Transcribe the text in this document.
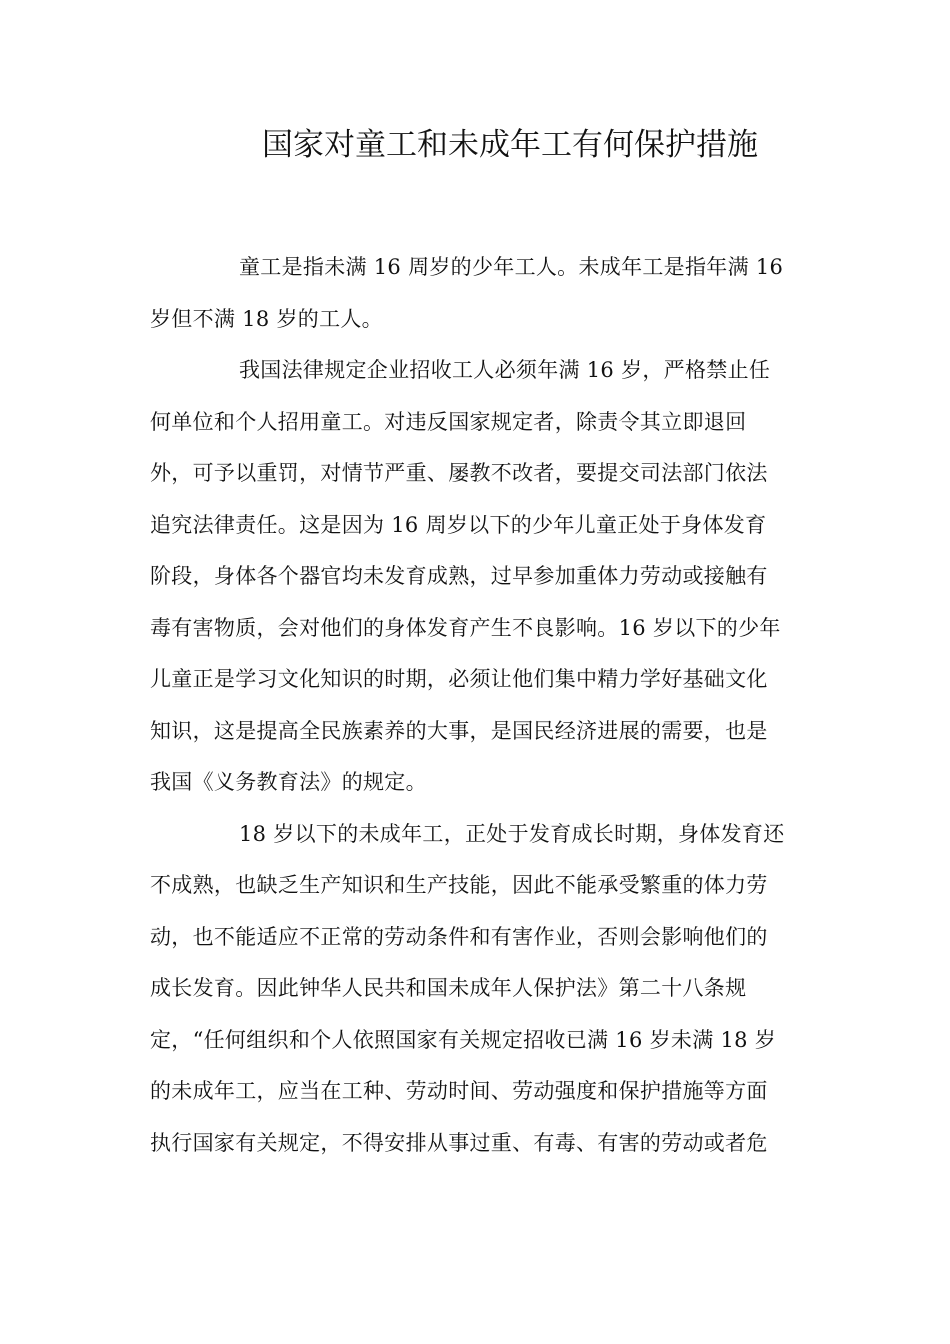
国家对童工和未成年工有何保护措施

童工是指未满 16 周岁的少年工人。未成年工是指年满 16
岁但不满 18 岁的工人。

我国法律规定企业招收工人必须年满 16 岁，严格禁止任
何单位和个人招用童工。对违反国家规定者，除责令其立即退回
外，可予以重罚，对情节严重、屡教不改者，要提交司法部门依法
追究法律责任。这是因为 16 周岁以下的少年儿童正处于身体发育
阶段，身体各个器官均未发育成熟，过早参加重体力劳动或接触有
毒有害物质，会对他们的身体发育产生不良影响。16 岁以下的少年
儿童正是学习文化知识的时期，必须让他们集中精力学好基础文化
知识，这是提高全民族素养的大事，是国民经济进展的需要，也是
我国《义务教育法》的规定。

18 岁以下的未成年工，正处于发育成长时期，身体发育还
不成熟，也缺乏生产知识和生产技能，因此不能承受繁重的体力劳
动，也不能适应不正常的劳动条件和有害作业，否则会影响他们的
成长发育。因此钟华人民共和国未成年人保护法》第二十八条规
定，“任何组织和个人依照国家有关规定招收已满 16 岁未满 18 岁
的未成年工，应当在工种、劳动时间、劳动强度和保护措施等方面
执行国家有关规定，不得安排从事过重、有毒、有害的劳动或者危
